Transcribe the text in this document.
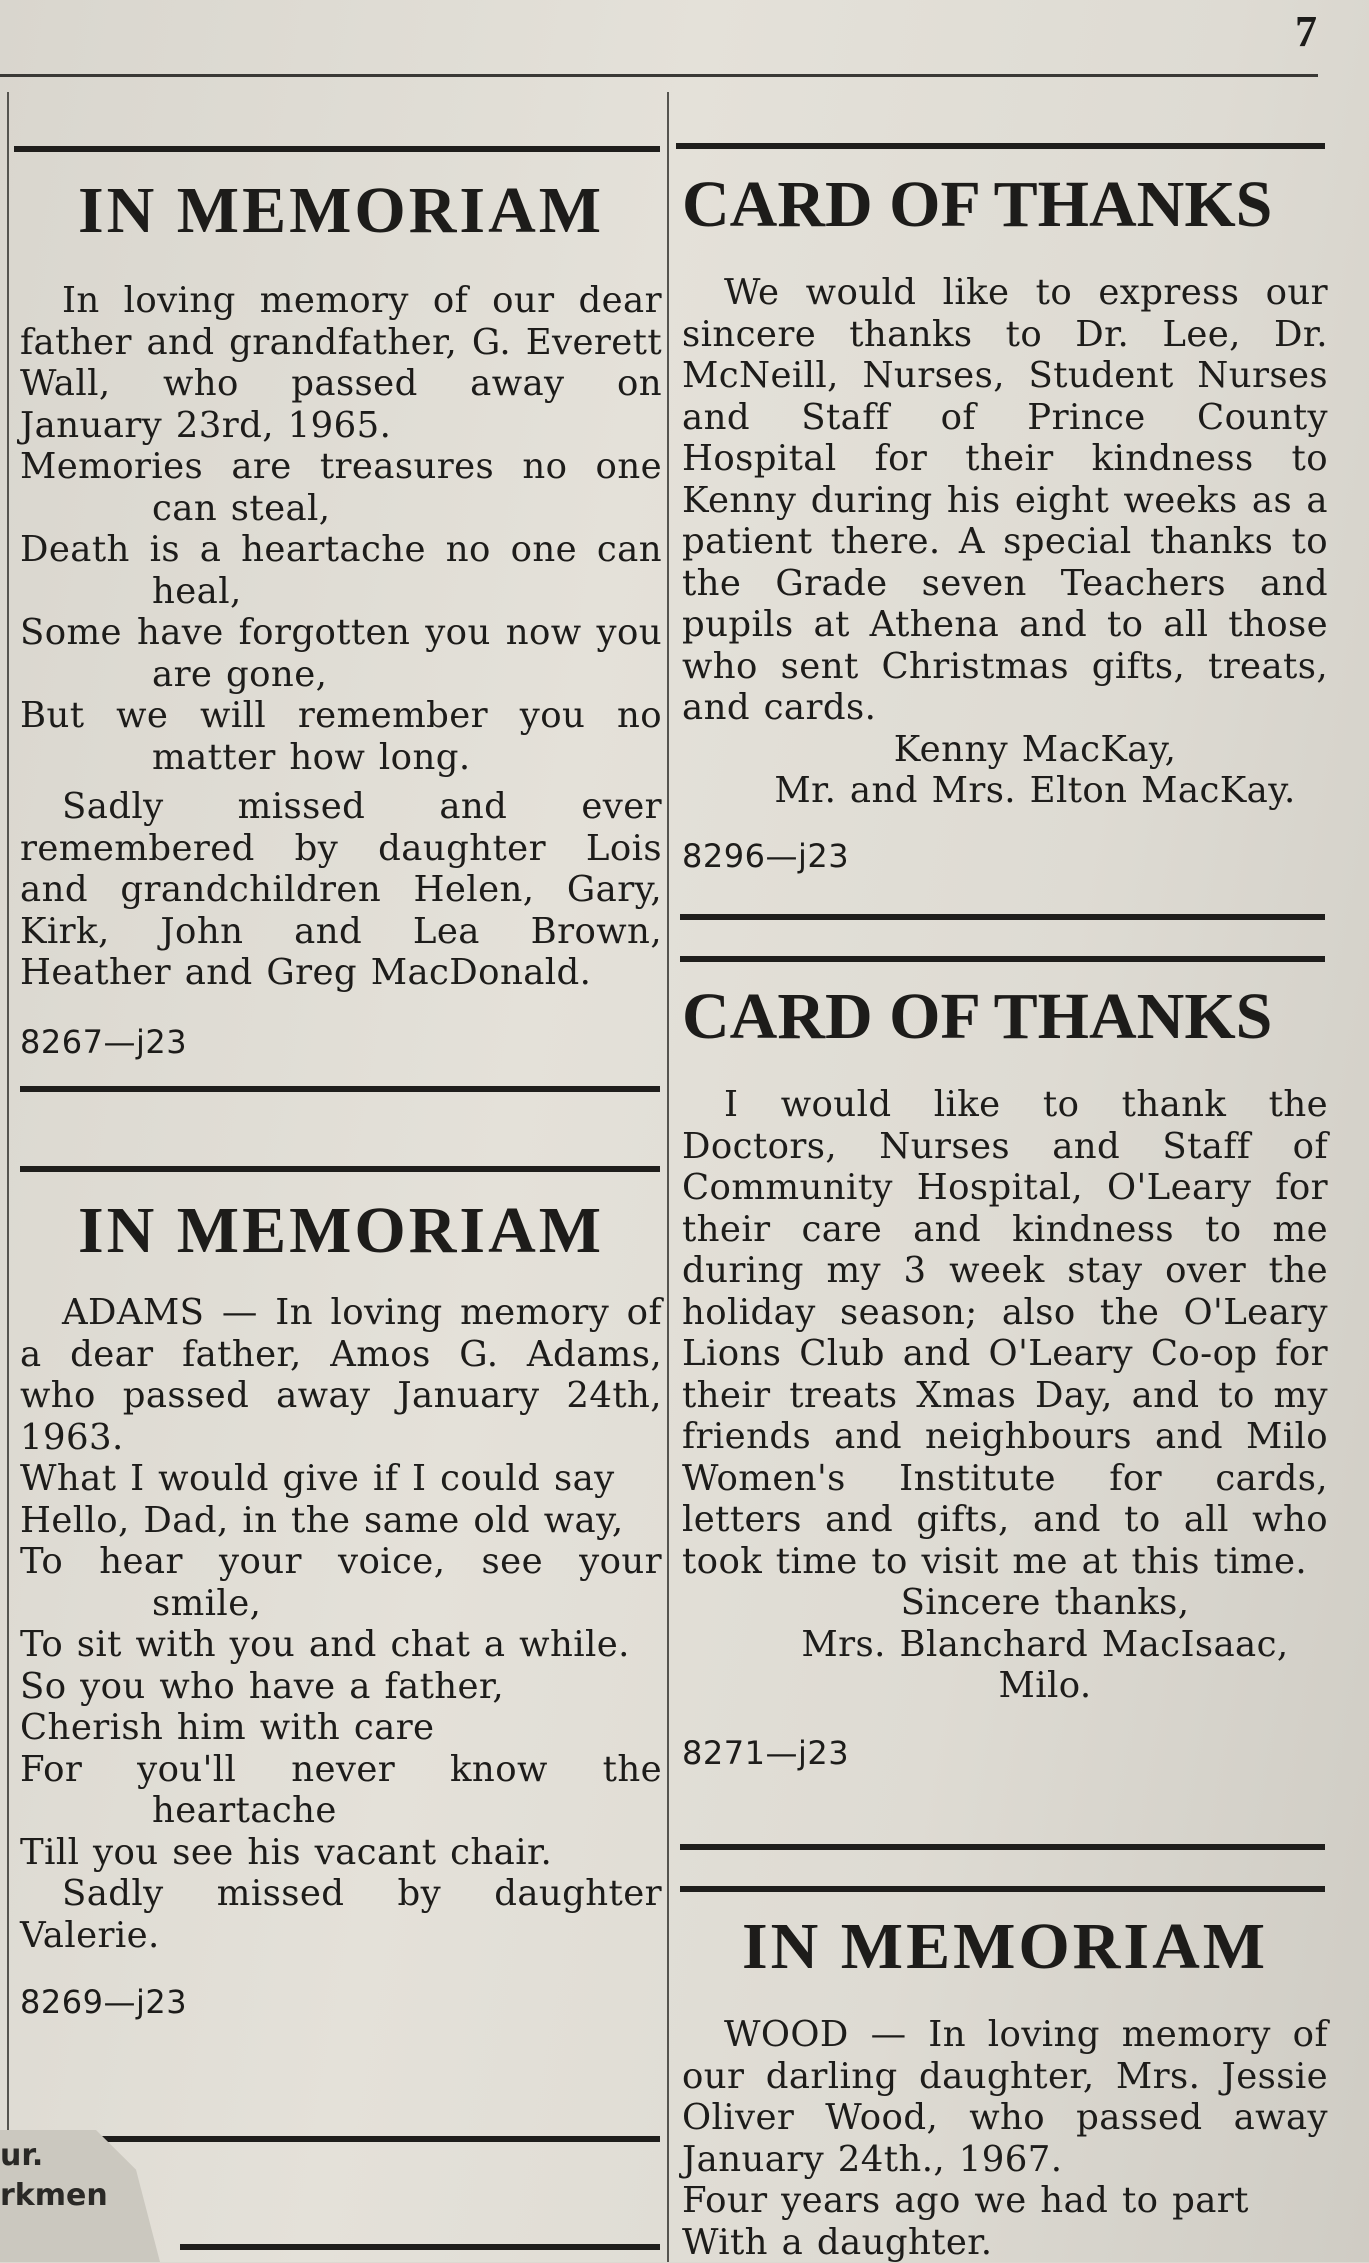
7
IN MEMORIAM

In loving memory of our dear father and grandfather, G. Everett Wall, who passed away on January 23rd, 1965.

Memories are treasures no one can steal,

Death is a heartache no one can heal,

Some have forgotten you now you are gone,

But we will remember you no matter how long.

Sadly missed and ever remembered by daughter Lois and grandchildren Helen, Gary, Kirk, John and Lea Brown, Heather and Greg MacDonald.

8267—j23
IN MEMORIAM

ADAMS — In loving memory of a dear father, Amos G. Adams, who passed away January 24th, 1963.

What I would give if I could say

Hello, Dad, in the same old way,

To hear your voice, see your smile,

To sit with you and chat a while.

So you who have a father,

Cherish him with care

For you'll never know the heartache

Till you see his vacant chair.

Sadly missed by daughter Valerie.

8269—j23
ur.
rkmen
CARD OF THANKS

We would like to express our sincere thanks to Dr. Lee, Dr. McNeill, Nurses, Student Nurses and Staff of Prince County Hospital for their kindness to Kenny during his eight weeks as a patient there. A special thanks to the Grade seven Teachers and pupils at Athena and to all those who sent Christmas gifts, treats, and cards.

Kenny MacKay,

Mr. and Mrs. Elton MacKay.

8296—j23
CARD OF THANKS

I would like to thank the Doctors, Nurses and Staff of Community Hospital, O'Leary for their care and kindness to me during my 3 week stay over the holiday season; also the O'Leary Lions Club and O'Leary Co-op for their treats Xmas Day, and to my friends and neighbours and Milo Women's Institute for cards, letters and gifts, and to all who took time to visit me at this time.

Sincere thanks,

Mrs. Blanchard MacIsaac,

Milo.

8271—j23
IN MEMORIAM

WOOD — In loving memory of our darling daughter, Mrs. Jessie Oliver Wood, who passed away January 24th., 1967.

Four years ago we had to part

With a daughter.
